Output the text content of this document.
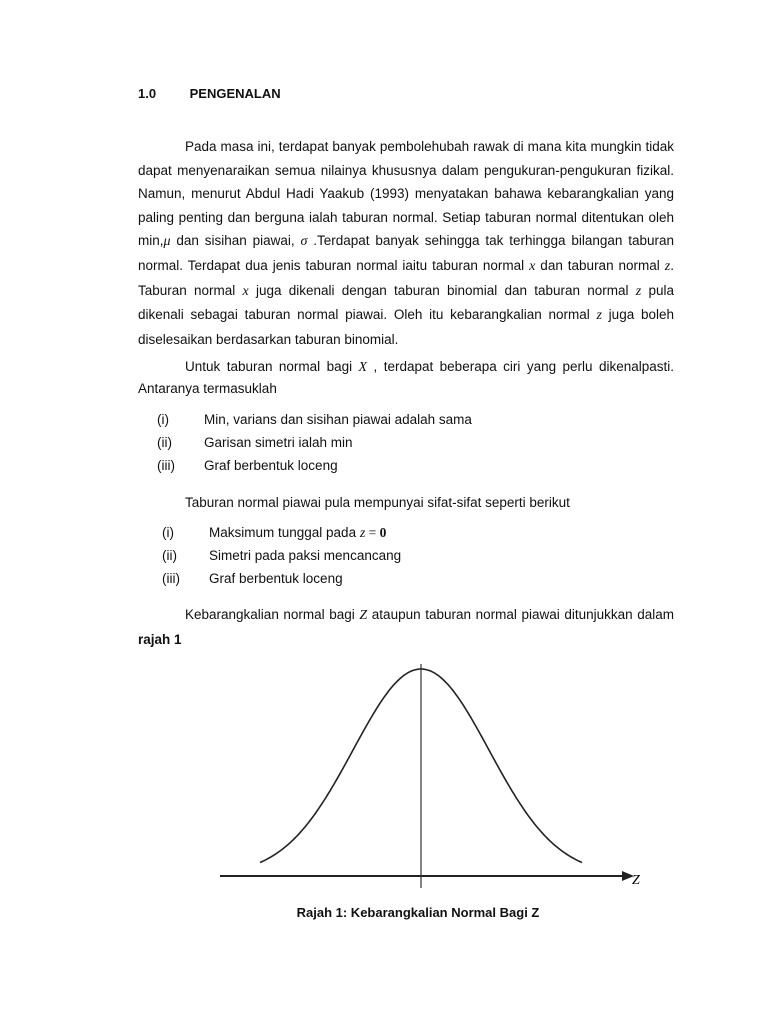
1.0	PENGENALAN

Pada masa ini, terdapat banyak pembolehubah rawak di mana kita mungkin tidak dapat menyenaraikan semua nilainya khususnya dalam pengukuran-pengukuran fizikal. Namun, menurut Abdul Hadi Yaakub (1993) menyatakan bahawa kebarangkalian yang paling penting dan berguna ialah taburan normal. Setiap taburan normal ditentukan oleh min,μ dan sisihan piawai, σ .Terdapat banyak sehingga tak terhingga bilangan taburan normal. Terdapat dua jenis taburan normal iaitu taburan normal x dan taburan normal z. Taburan normal x juga dikenali dengan taburan binomial dan taburan normal z pula dikenali sebagai taburan normal piawai. Oleh itu kebarangkalian normal z juga boleh diselesaikan berdasarkan taburan binomial.

Untuk taburan normal bagi X , terdapat beberapa ciri yang perlu dikenalpasti. Antaranya termasuklah

(i)	Min, varians dan sisihan piawai adalah sama
(ii)	Garisan simetri ialah min
(iii)	Graf berbentuk loceng

Taburan normal piawai pula mempunyai sifat-sifat seperti berikut

(i)	Maksimum tunggal pada z = 0
(ii)	Simetri pada paksi mencancang
(iii)	Graf berbentuk loceng

Kebarangkalian normal bagi Z ataupun taburan normal piawai ditunjukkan dalam rajah 1

Z
Rajah 1: Kebarangkalian Normal Bagi Z
